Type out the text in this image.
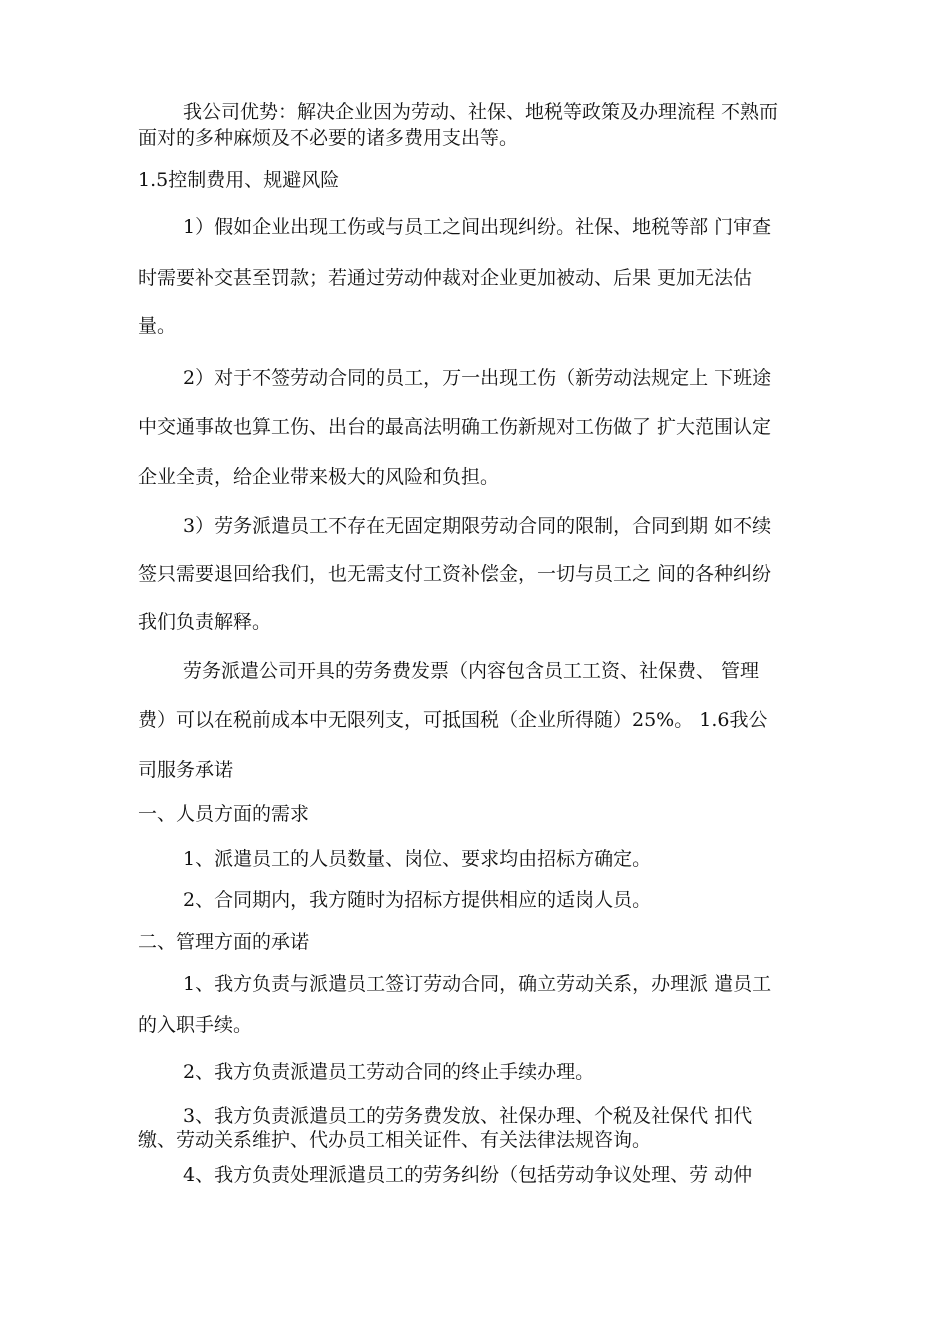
我公司优势：解决企业因为劳动、社保、地税等政策及办理流程 不熟而
面对的多种麻烦及不必要的诸多费用支出等。
1.5控制费用、规避风险
1）假如企业出现工伤或与员工之间出现纠纷。社保、地税等部 门审查
时需要补交甚至罚款；若通过劳动仲裁对企业更加被动、后果 更加无法估
量。
2）对于不签劳动合同的员工，万一出现工伤（新劳动法规定上 下班途
中交通事故也算工伤、出台的最高法明确工伤新规对工伤做了 扩大范围认定
企业全责，给企业带来极大的风险和负担。
3）劳务派遣员工不存在无固定期限劳动合同的限制，合同到期 如不续
签只需要退回给我们，也无需支付工资补偿金，一切与员工之 间的各种纠纷
我们负责解释。
劳务派遣公司开具的劳务费发票（内容包含员工工资、社保费、 管理
费）可以在税前成本中无限列支，可抵国税（企业所得随）25%。 1.6我公
司服务承诺
一、人员方面的需求
1、派遣员工的人员数量、岗位、要求均由招标方确定。
2、合同期内，我方随时为招标方提供相应的适岗人员。
二、管理方面的承诺
1、我方负责与派遣员工签订劳动合同，确立劳动关系，办理派 遣员工
的入职手续。
2、我方负责派遣员工劳动合同的终止手续办理。
3、我方负责派遣员工的劳务费发放、社保办理、个税及社保代 扣代
缴、劳动关系维护、代办员工相关证件、有关法律法规咨询。
4、我方负责处理派遣员工的劳务纠纷（包括劳动争议处理、劳 动仲
